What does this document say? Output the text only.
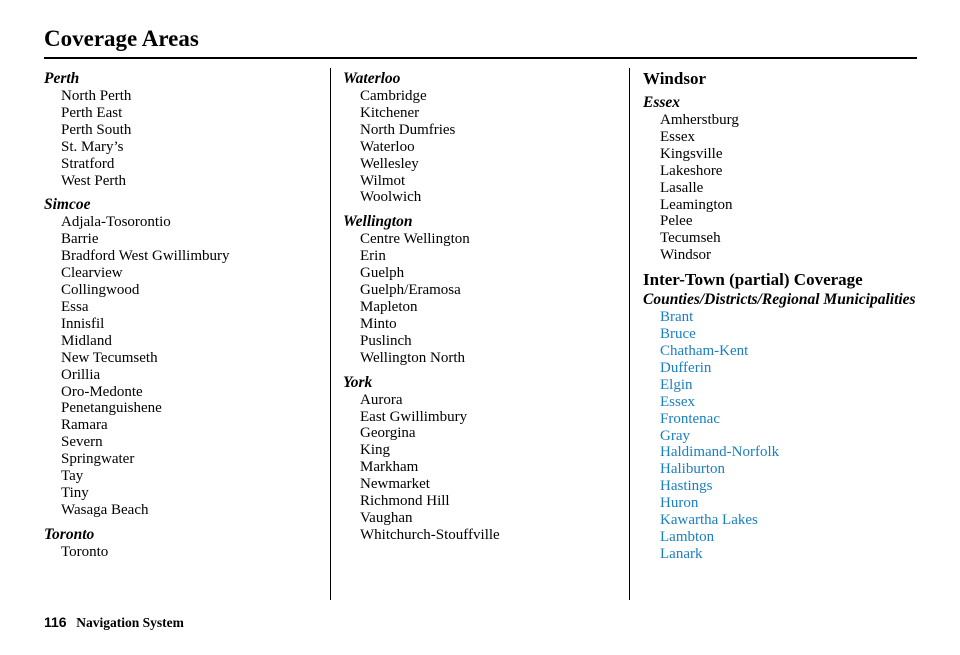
Coverage Areas
Perth
North Perth
Perth East
Perth South
St. Mary’s
Stratford
West Perth
Simcoe
Adjala-Tosorontio
Barrie
Bradford West Gwillimbury
Clearview
Collingwood
Essa
Innisfil
Midland
New Tecumseth
Orillia
Oro-Medonte
Penetanguishene
Ramara
Severn
Springwater
Tay
Tiny
Wasaga Beach
Toronto
Toronto
Waterloo
Cambridge
Kitchener
North Dumfries
Waterloo
Wellesley
Wilmot
Woolwich
Wellington
Centre Wellington
Erin
Guelph
Guelph/Eramosa
Mapleton
Minto
Puslinch
Wellington North
York
Aurora
East Gwillimbury
Georgina
King
Markham
Newmarket
Richmond Hill
Vaughan
Whitchurch-Stouffville
Windsor
Essex
Amherstburg
Essex
Kingsville
Lakeshore
Lasalle
Leamington
Pelee
Tecumseh
Windsor
Inter-Town (partial) Coverage
Counties/Districts/Regional Municipalities
Brant
Bruce
Chatham-Kent
Dufferin
Elgin
Essex
Frontenac
Gray
Haldimand-Norfolk
Haliburton
Hastings
Huron
Kawartha Lakes
Lambton
Lanark
116 Navigation System
